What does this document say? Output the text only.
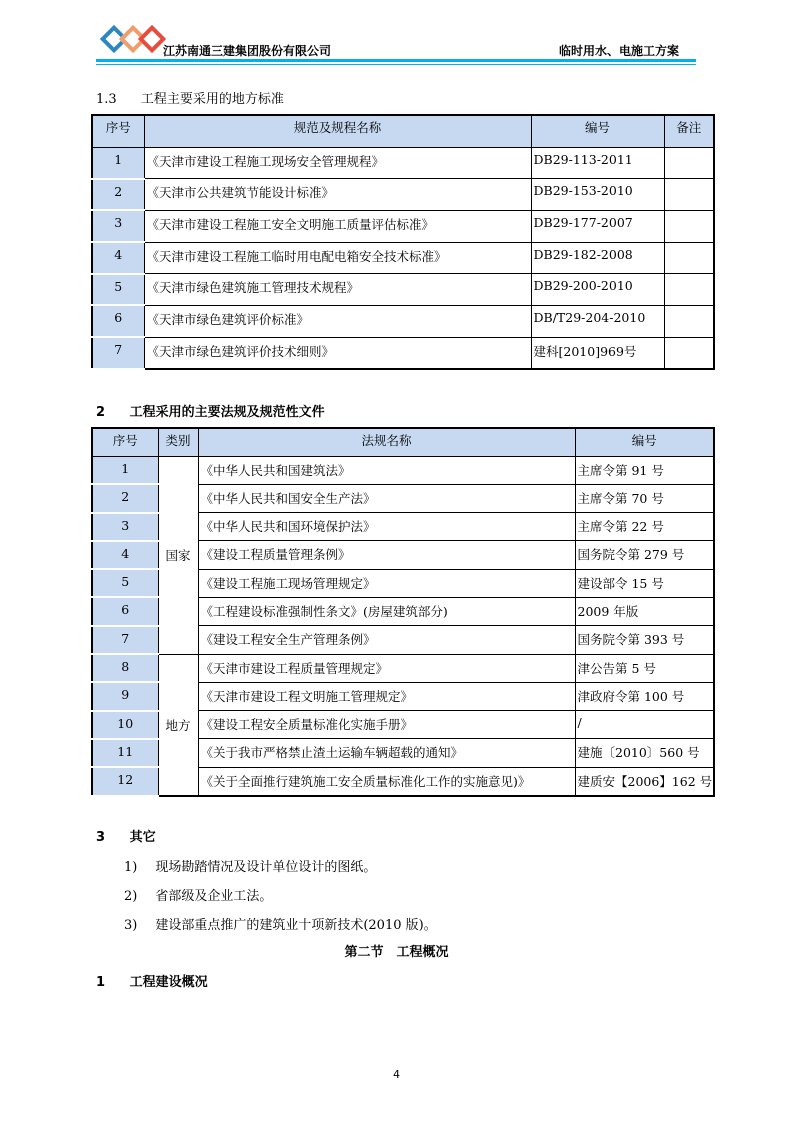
江苏南通三建集团股份有限公司	临时用水、电施工方案
1.3 工程主要采用的地方标准
序号	规范及规程名称	编号	备注
1	《天津市建设工程施工现场安全管理规程》	DB29-113-2011	
2	《天津市公共建筑节能设计标准》	DB29-153-2010	
3	《天津市建设工程施工安全文明施工质量评估标准》	DB29-177-2007	
4	《天津市建设工程施工临时用电配电箱安全技术标准》	DB29-182-2008	
5	《天津市绿色建筑施工管理技术规程》	DB29-200-2010	
6	《天津市绿色建筑评价标准》	DB/T29-204-2010	
7	《天津市绿色建筑评价技术细则》	建科[2010]969号	
2 工程采用的主要法规及规范性文件
序号	类别	法规名称	编号
1	国家	《中华人民共和国建筑法》	主席令第 91 号
2		《中华人民共和国安全生产法》	主席令第 70 号
3		《中华人民共和国环境保护法》	主席令第 22 号
4		《建设工程质量管理条例》	国务院令第 279 号
5		《建设工程施工现场管理规定》	建设部令 15 号
6		《工程建设标准强制性条文》(房屋建筑部分)	2009 年版
7		《建设工程安全生产管理条例》	国务院令第 393 号
8	地方	《天津市建设工程质量管理规定》	津公告第 5 号
9		《天津市建设工程文明施工管理规定》	津政府令第 100 号
10		《建设工程安全质量标准化实施手册》	/
11		《关于我市严格禁止渣土运输车辆超载的通知》	建施〔2010〕560 号
12		《关于全面推行建筑施工安全质量标准化工作的实施意见)》	建质安【2006】162 号
3 其它
1) 现场勘踏情况及设计单位设计的图纸。
2) 省部级及企业工法。
3) 建设部重点推广的建筑业十项新技术(2010 版)。
第二节　工程概况
1 工程建设概况
4
